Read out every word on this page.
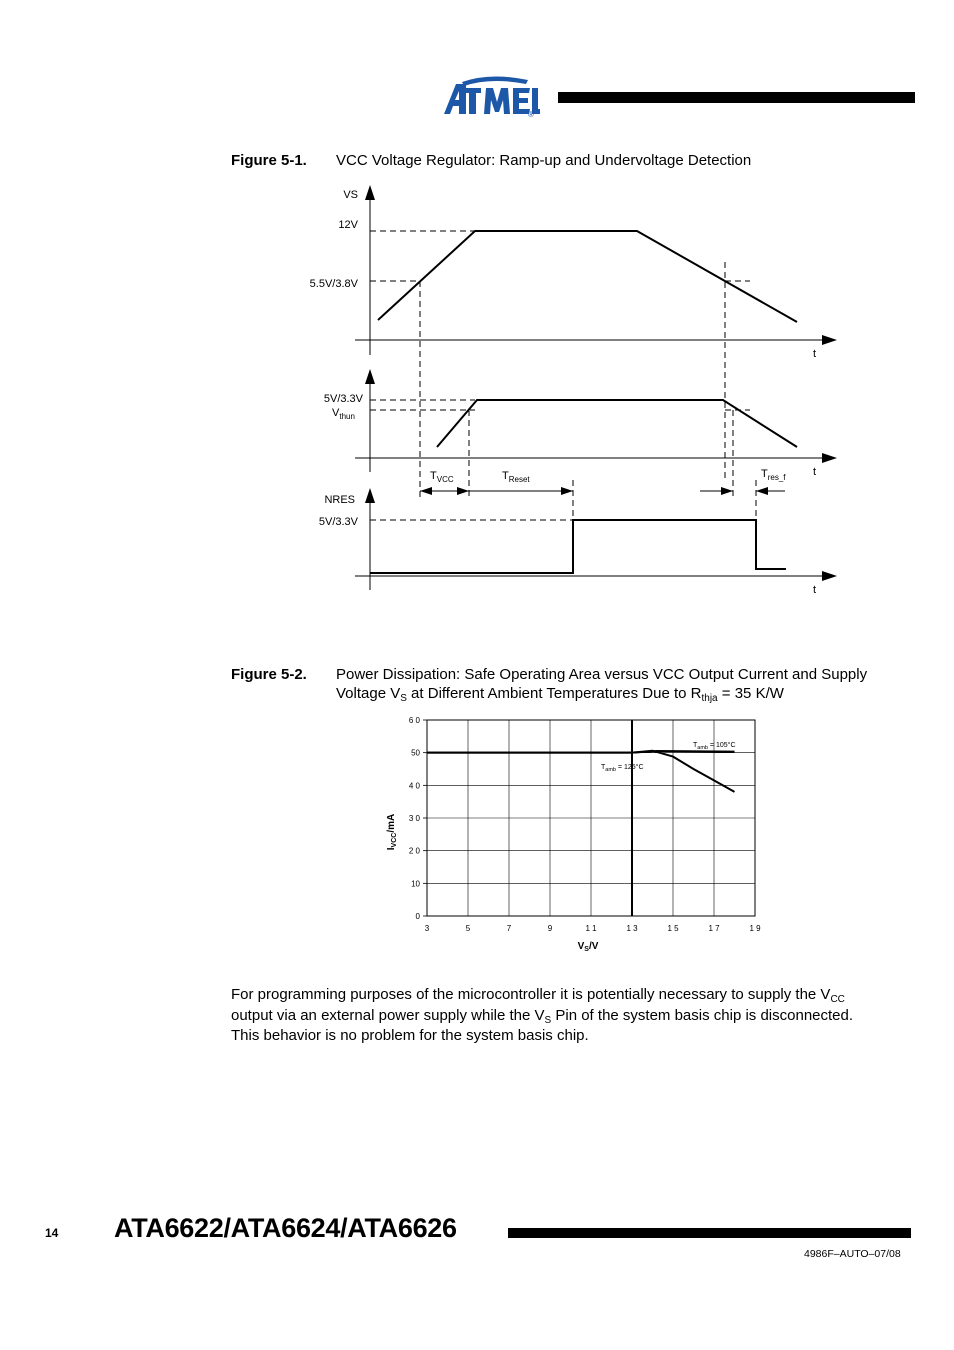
®
Figure 5-1. VCC Voltage Regulator: Ramp-up and Undervoltage Detection
VS
12V
5.5V/3.8V
t
5V/3.3V
$V_{thun}$
t
$T_{VCC}$	$T_{Reset}$	$T_{res\_f}$
NRES
5V/3.3V
t
Figure 5-2. Power Dissipation: Safe Operating Area versus VCC Output Current and Supply
Voltage $V_S$ at Different Ambient Temperatures Due to $R_{thja} = 35$ K/W
3	5	7	9	1 1	1 3	1 5	1 7	1 9
0
10
2 0
3 0
4 0
50
6 0
$T_{amb} = 105^\circ C$
$T_{amb} = 125^\circ C$
$V_S/V$
$I_{VCC}/mA$
For programming purposes of the microcontroller it is potentially necessary to supply the $V_{CC}$
output via an external power supply while the $V_S$ Pin of the system basis chip is disconnected.
This behavior is no problem for the system basis chip.
14 ATA6622/ATA6624/ATA6626
4986F–AUTO–07/08
